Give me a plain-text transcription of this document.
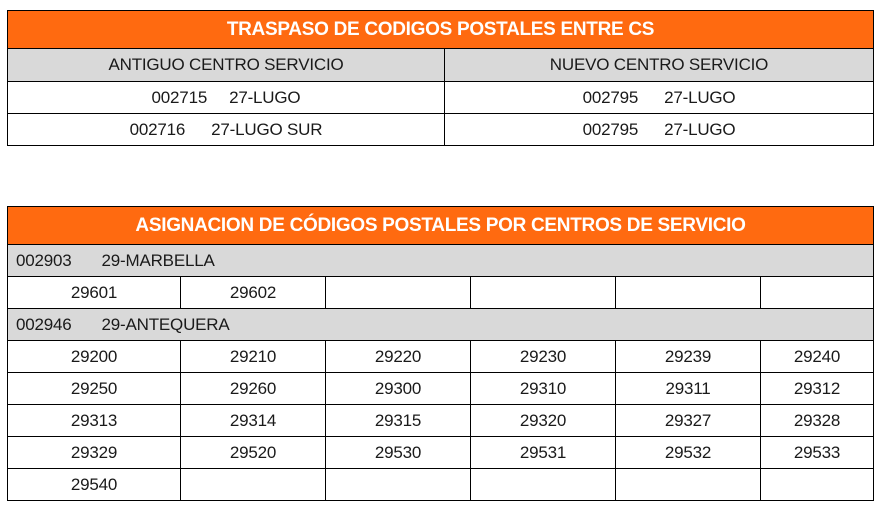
TRASPASO DE CODIGOS POSTALES ENTRE CS	
ANTIGUO CENTRO SERVICIO	NUEVO CENTRO SERVICIO
002715 27-LUGO	002795 27-LUGO
002716 27-LUGO SUR	002795 27-LUGO
ASIGNACION DE CÓDIGOS POSTALES POR CENTROS DE SERVICIO					
002903 29-MARBELLA					
29601	29602				
002946 29-ANTEQUERA					
29200	29210	29220	29230	29239	29240
29250	29260	29300	29310	29311	29312
29313	29314	29315	29320	29327	29328
29329	29520	29530	29531	29532	29533
29540					
